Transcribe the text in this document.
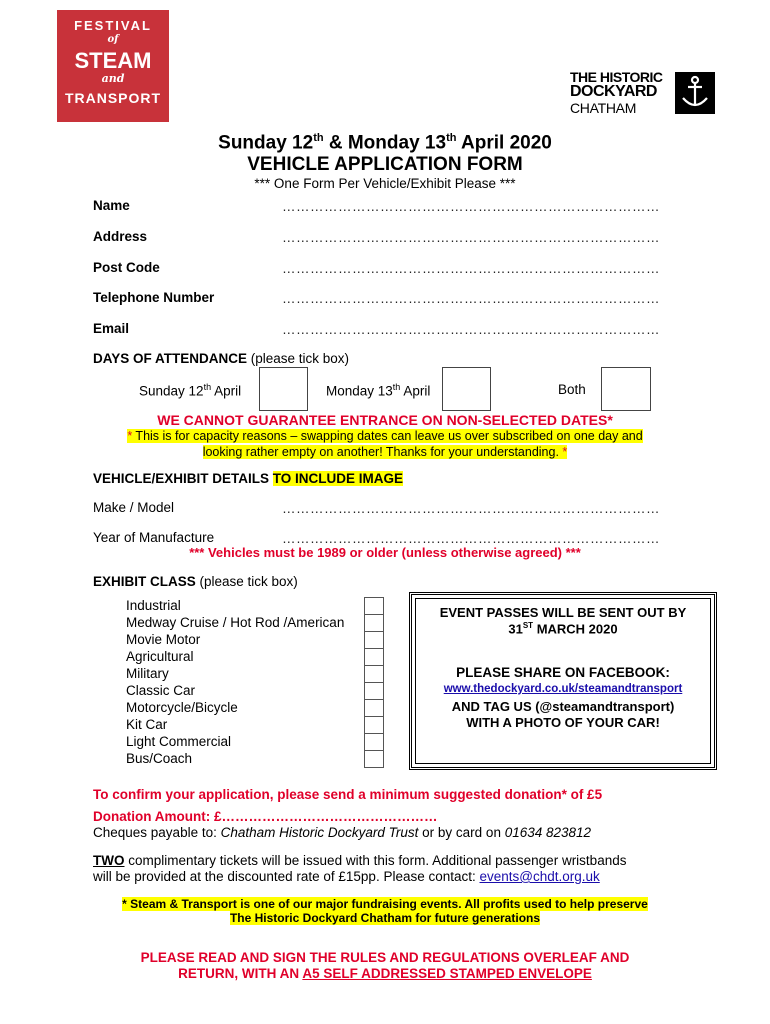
FESTIVAL
of
STEAM
and
TRANSPORT
THE HISTORIC
DOCKYARD
CHATHAM
Sunday 12th & Monday 13th April 2020
VEHICLE APPLICATION FORM
*** One Form Per Vehicle/Exhibit Please ***
Name	………………………………………………………………………
Address	………………………………………………………………………
Post Code	………………………………………………………………………
Telephone Number	………………………………………………………………………
Email	………………………………………………………………………
DAYS OF ATTENDANCE (please tick box)
Sunday 12th April	Monday 13th April	Both
WE CANNOT GUARANTEE ENTRANCE ON NON-SELECTED DATES*
* This is for capacity reasons – swapping dates can leave us over subscribed on one day and
looking rather empty on another! Thanks for your understanding. *
VEHICLE/EXHIBIT DETAILS TO INCLUDE IMAGE
Make / Model	………………………………………………………………………
Year of Manufacture	………………………………………………………………………
*** Vehicles must be 1989 or older (unless otherwise agreed) ***
EXHIBIT CLASS (please tick box)
Industrial
Medway Cruise / Hot Rod /American
Movie Motor
Agricultural
Military
Classic Car
Motorcycle/Bicycle
Kit Car
Light Commercial
Bus/Coach
EVENT PASSES WILL BE SENT OUT BY
31ST MARCH 2020
PLEASE SHARE ON FACEBOOK:
www.thedockyard.co.uk/steamandtransport
AND TAG US (@steamandtransport)
WITH A PHOTO OF YOUR CAR!
To confirm your application, please send a minimum suggested donation* of £5
Donation Amount: £…………………………………………
Cheques payable to: Chatham Historic Dockyard Trust or by card on 01634 823812
TWO complimentary tickets will be issued with this form. Additional passenger wristbands
will be provided at the discounted rate of £15pp. Please contact: events@chdt.org.uk
* Steam & Transport is one of our major fundraising events. All profits used to help preserve
The Historic Dockyard Chatham for future generations
PLEASE READ AND SIGN THE RULES AND REGULATIONS OVERLEAF AND
RETURN, WITH AN A5 SELF ADDRESSED STAMPED ENVELOPE
